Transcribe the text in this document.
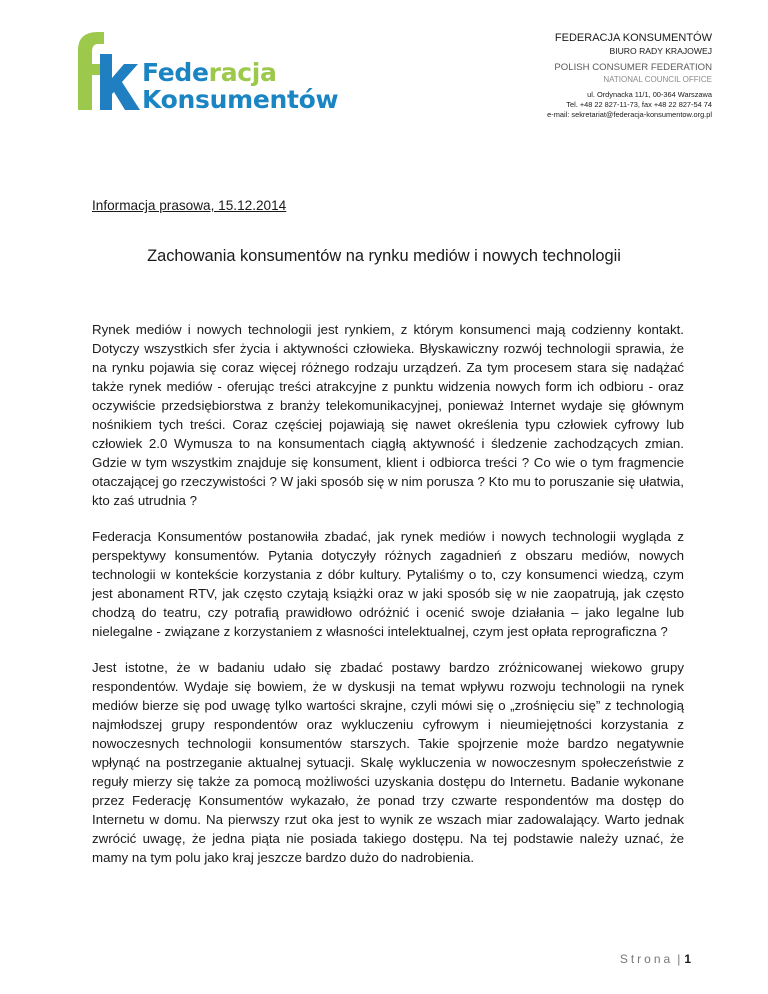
Federacja
Konsumentów
FEDERACJA KONSUMENTÓW
BIURO RADY KRAJOWEJ
POLISH CONSUMER FEDERATION
NATIONAL COUNCIL OFFICE
ul. Ordynacka 11/1, 00-364 Warszawa
Tel. +48 22 827-11-73, fax +48 22 827-54 74
e-mail: sekretariat@federacja-konsumentow.org.pl
Informacja prasowa, 15.12.2014
Zachowania konsumentów na rynku mediów i nowych technologii

Rynek mediów i nowych technologii jest rynkiem, z którym konsumenci mają codzienny kontakt. Dotyczy wszystkich sfer życia i aktywności człowieka. Błyskawiczny rozwój technologii sprawia, że na rynku pojawia się coraz więcej różnego rodzaju urządzeń. Za tym procesem stara się nadążać także rynek mediów - oferując treści atrakcyjne z punktu widzenia nowych form ich odbioru - oraz oczywiście przedsiębiorstwa z branży telekomunikacyjnej, ponieważ Internet wydaje się głównym nośnikiem tych treści. Coraz częściej pojawiają się nawet określenia typu człowiek cyfrowy lub człowiek 2.0 Wymusza to na konsumentach ciągłą aktywność i śledzenie zachodzących zmian. Gdzie w tym wszystkim znajduje się konsument, klient i odbiorca treści ? Co wie o tym fragmencie otaczającej go rzeczywistości ? W jaki sposób się w nim porusza ? Kto mu to poruszanie się ułatwia, kto zaś utrudnia ?

Federacja Konsumentów postanowiła zbadać, jak rynek mediów i nowych technologii wygląda z perspektywy konsumentów. Pytania dotyczyły różnych zagadnień z obszaru mediów, nowych technologii w kontekście korzystania z dóbr kultury. Pytaliśmy o to, czy konsumenci wiedzą, czym jest abonament RTV, jak często czytają książki oraz w jaki sposób się w nie zaopatrują, jak często chodzą do teatru, czy potrafią prawidłowo odróżnić i ocenić swoje działania – jako legalne lub nielegalne - związane z korzystaniem z własności intelektualnej, czym jest opłata reprograficzna ?

Jest istotne, że w badaniu udało się zbadać postawy bardzo zróżnicowanej wiekowo grupy respondentów. Wydaje się bowiem, że w dyskusji na temat wpływu rozwoju technologii na rynek mediów bierze się pod uwagę tylko wartości skrajne, czyli mówi się o „zrośnięciu się” z technologią najmłodszej grupy respondentów oraz wykluczeniu cyfrowym i nieumiejętności korzystania z nowoczesnych technologii konsumentów starszych. Takie spojrzenie może bardzo negatywnie wpłynąć na postrzeganie aktualnej sytuacji. Skalę wykluczenia w nowoczesnym społeczeństwie z reguły mierzy się także za pomocą możliwości uzyskania dostępu do Internetu. Badanie wykonane przez Federację Konsumentów wykazało, że ponad trzy czwarte respondentów ma dostęp do Internetu w domu. Na pierwszy rzut oka jest to wynik ze wszach miar zadowalający. Warto jednak zwrócić uwagę, że jedna piąta nie posiada takiego dostępu. Na tej podstawie należy uznać, że mamy na tym polu jako kraj jeszcze bardzo dużo do nadrobienia.

Strona | 1
